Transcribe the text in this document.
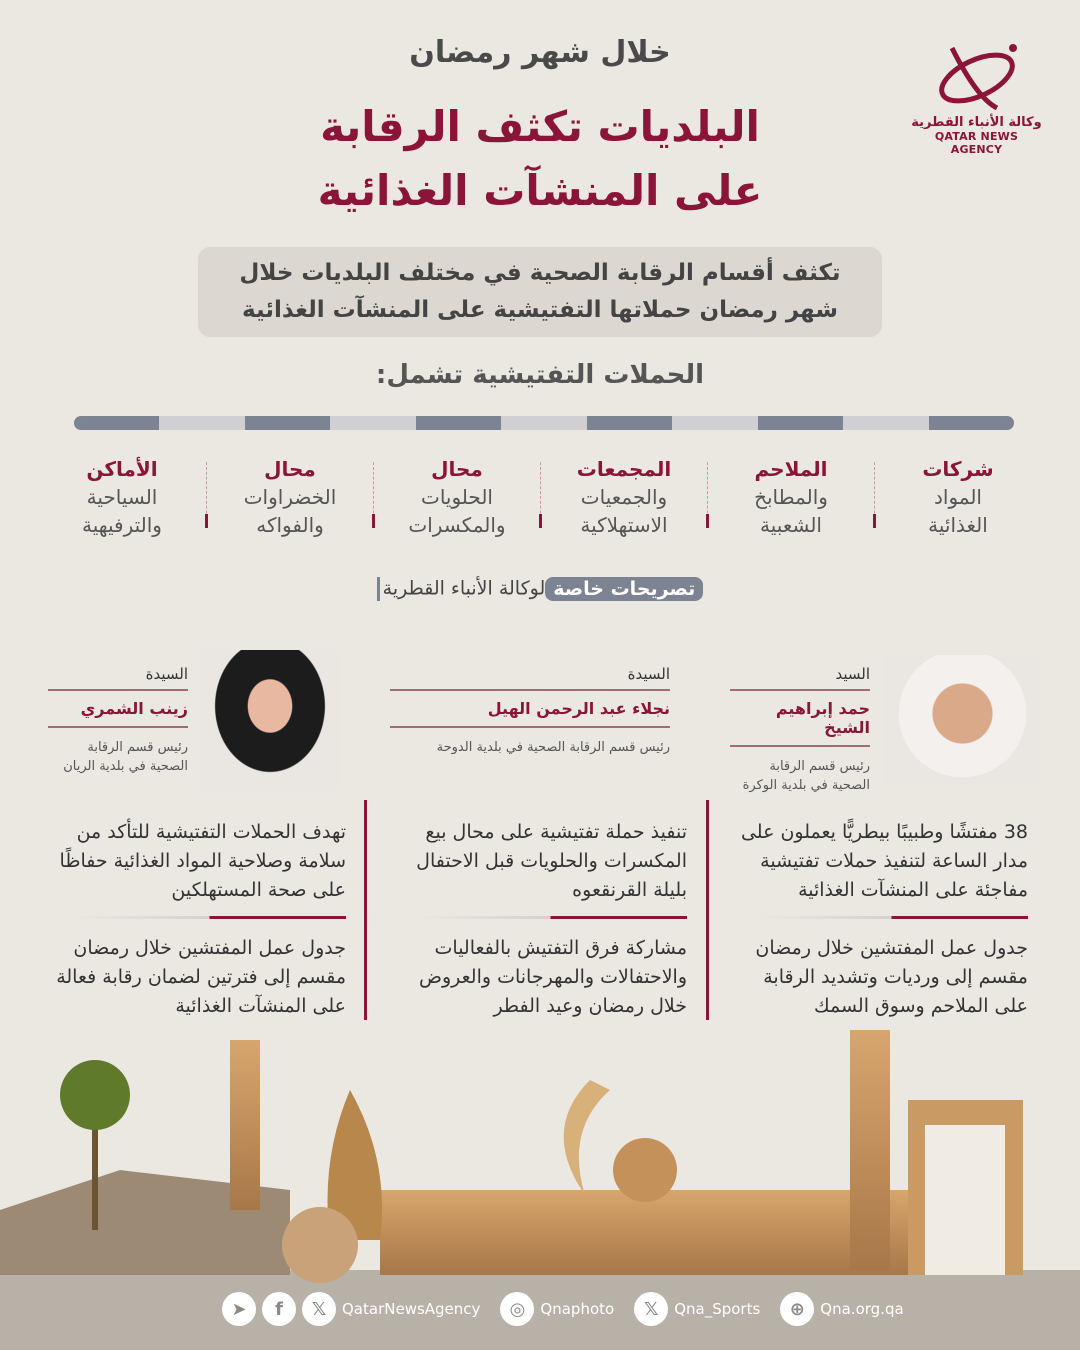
وكالة الأنباء القطرية
QATAR NEWS AGENCY
خلال شهر رمضان
البلديات تكثف الرقابة
على المنشآت الغذائية
تكثف أقسام الرقابة الصحية في مختلف البلديات خلال
شهر رمضان حملاتها التفتيشية على المنشآت الغذائية
الحملات التفتيشية تشمل:
شركات
المواد
الغذائية
الملاحم
والمطابخ
الشعبية
المجمعات
والجمعيات
الاستهلاكية
محال
الحلويات
والمكسرات
محال
الخضراوات
والفواكه
الأماكن
السياحية
والترفيهية
تصريحات خاصةلوكالة الأنباء القطرية
السيد
حمد إبراهيم الشيخ
رئيس قسم الرقابة
الصحية في بلدية الوكرة
السيدة
نجلاء عبد الرحمن الهيل
رئيس قسم الرقابة الصحية في بلدية الدوحة
السيدة
زينب الشمري
رئيس قسم الرقابة
الصحية في بلدية الريان
38 مفتشًا وطبيبًا بيطريًّا يعملون على مدار الساعة لتنفيذ حملات تفتيشية مفاجئة على المنشآت الغذائية
جدول عمل المفتشين خلال رمضان مقسم إلى ورديات وتشديد الرقابة على الملاحم وسوق السمك
تنفيذ حملة تفتيشية على محال بيع المكسرات والحلويات قبل الاحتفال بليلة القرنقعوه
مشاركة فرق التفتيش بالفعاليات والاحتفالات والمهرجانات والعروض خلال رمضان وعيد الفطر
تهدف الحملات التفتيشية للتأكد من سلامة وصلاحية المواد الغذائية حفاظًا على صحة المستهلكين
جدول عمل المفتشين خلال رمضان مقسم إلى فترتين لضمان رقابة فعالة على المنشآت الغذائية
➤	f	𝕏	QatarNewsAgency	◎	Qnaphoto	𝕏	Qna_Sports	⊕	Qna.org.qa
